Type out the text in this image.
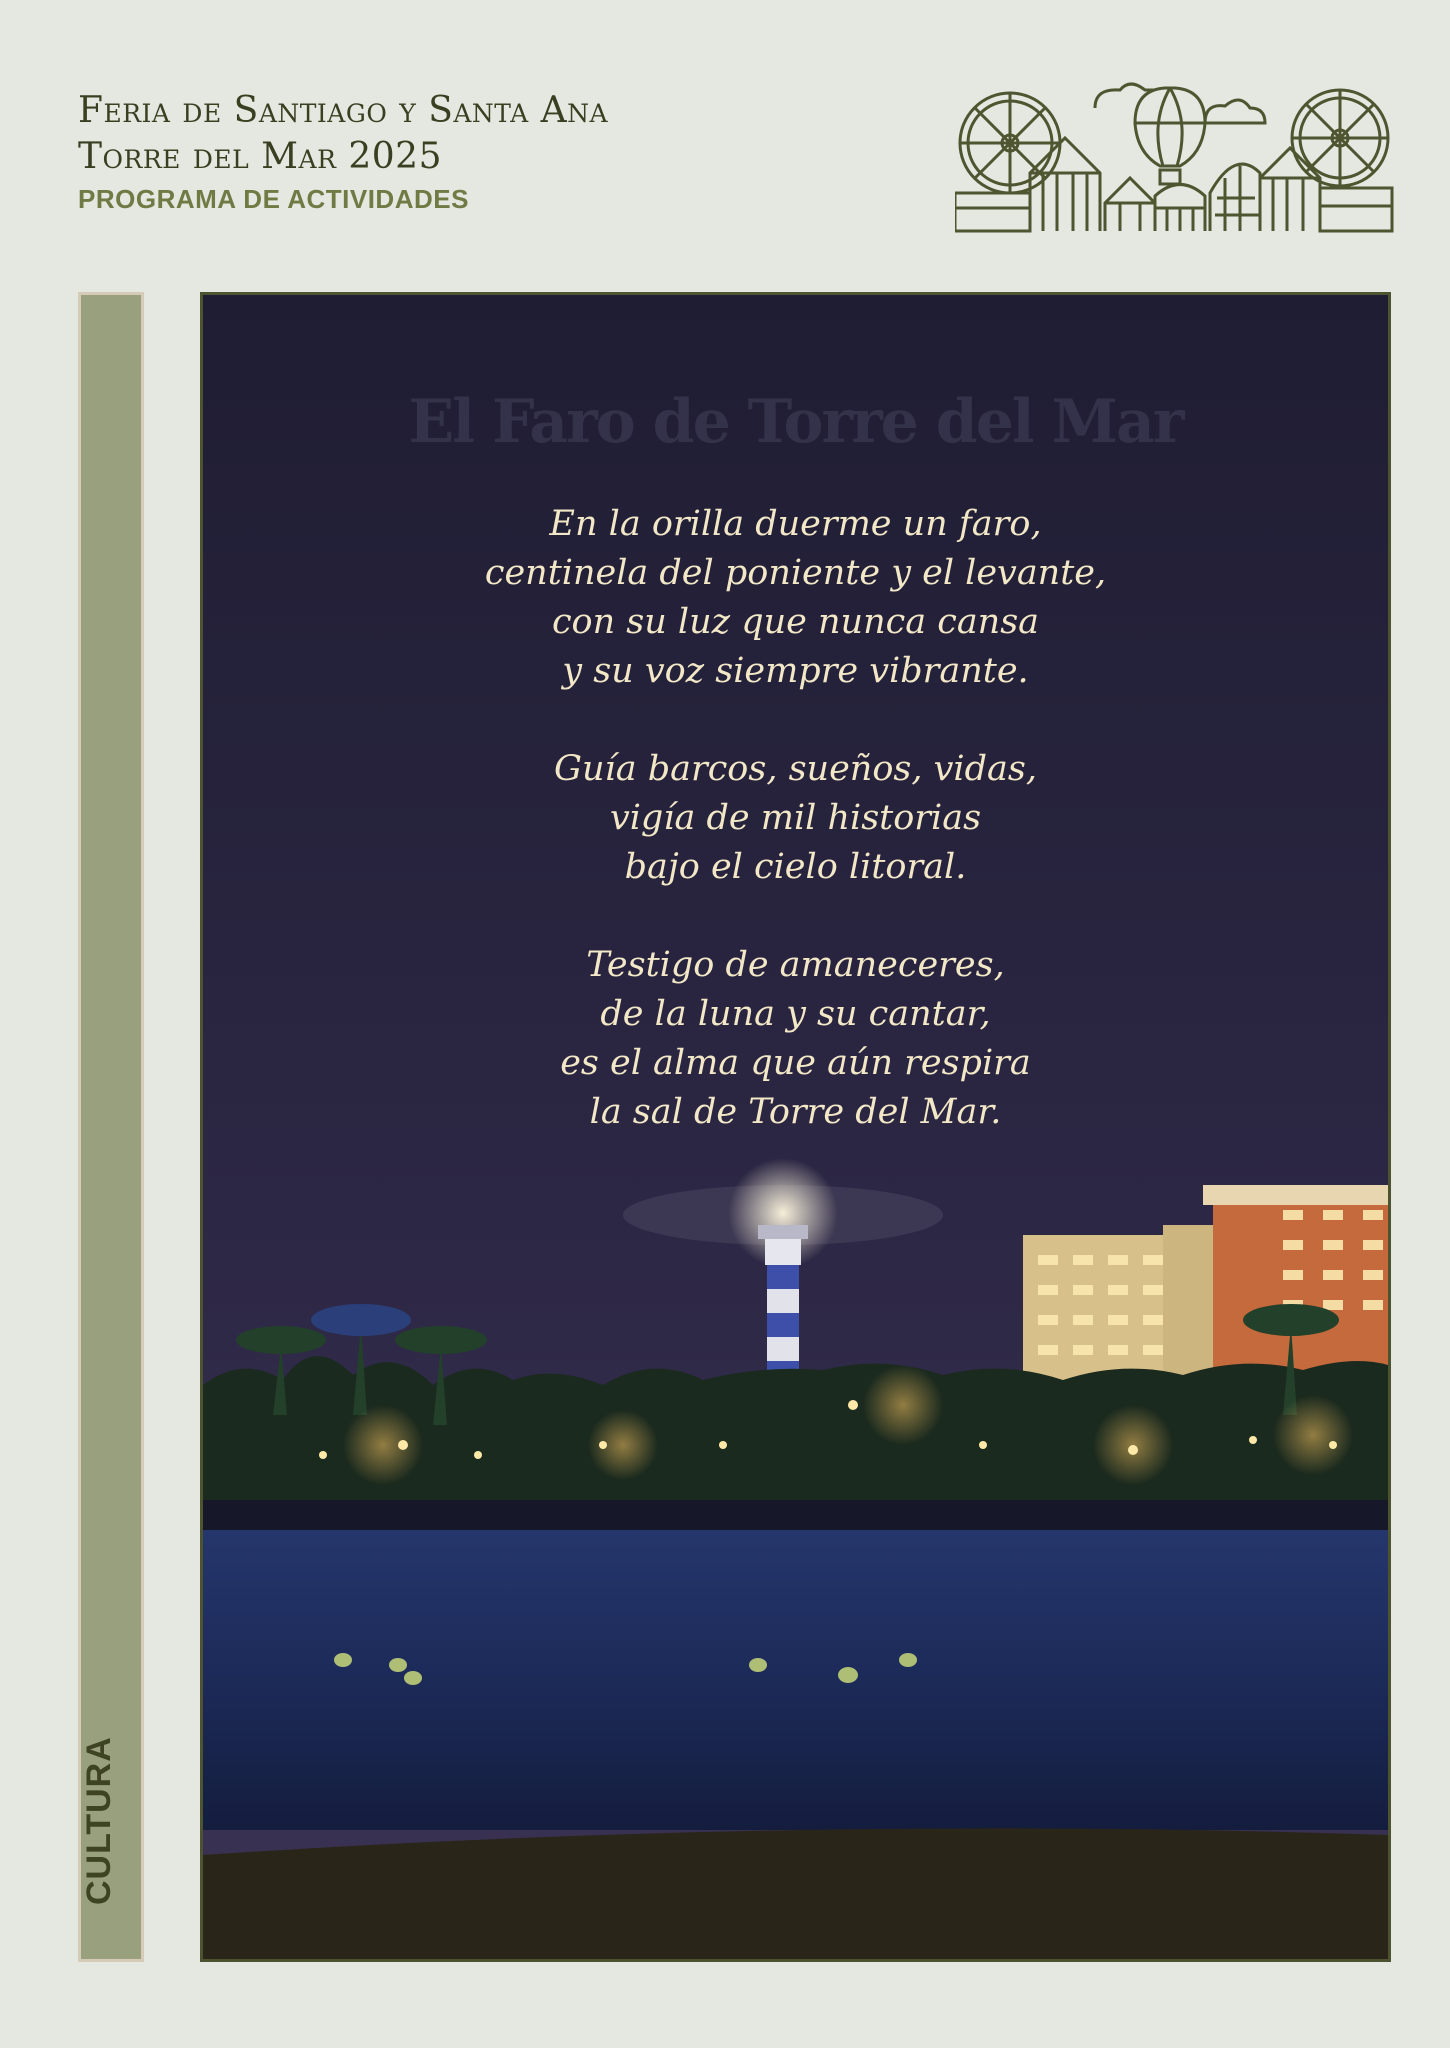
Feria de Santiago y Santa Ana
Torre del Mar 2025
PROGRAMA DE ACTIVIDADES
CULTURA
El Faro de Torre del Mar
En la orilla duerme un faro,
centinela del poniente y el levante,
con su luz que nunca cansa
y su voz siempre vibrante.
Guía barcos, sueños, vidas,
vigía de mil historias
bajo el cielo litoral.
Testigo de amaneceres,
de la luna y su cantar,
es el alma que aún respira
la sal de Torre del Mar.
